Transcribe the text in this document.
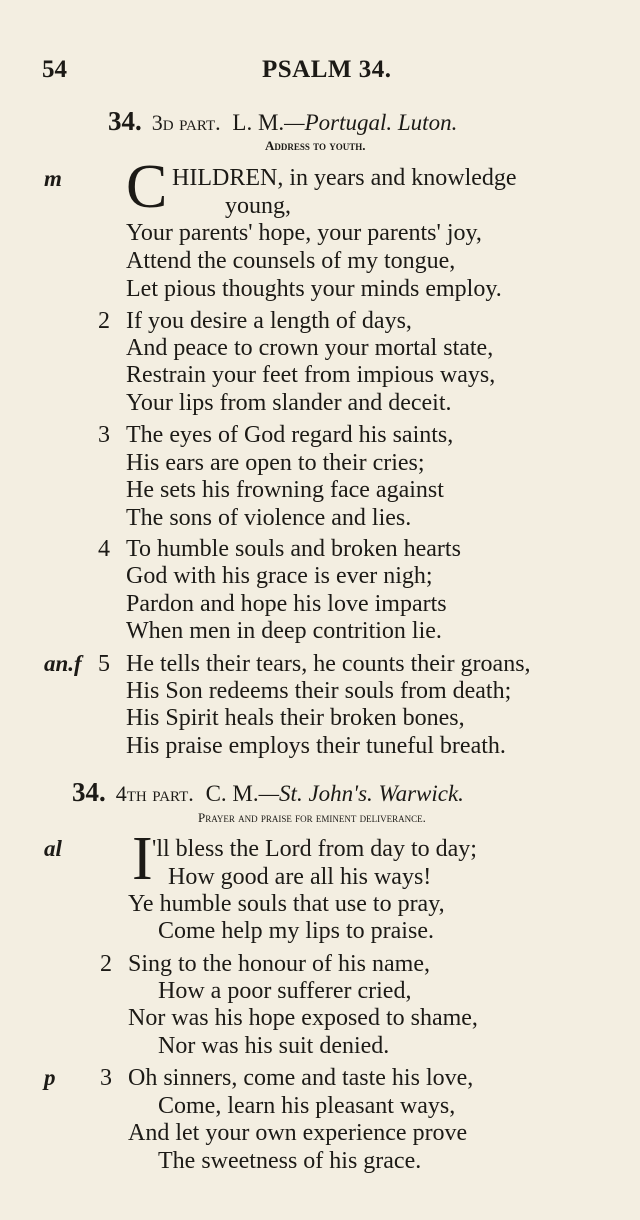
54	PSALM 34.
34. 3d part. L. M.—Portugal. Luton.
Address to youth.
m C HILDREN, in years and knowledge
young,
Your parents' hope, your parents' joy,
Attend the counsels of my tongue,
Let pious thoughts your minds employ.
2 If you desire a length of days,
And peace to crown your mortal state,
Restrain your feet from impious ways,
Your lips from slander and deceit.
3 The eyes of God regard his saints,
His ears are open to their cries;
He sets his frowning face against
The sons of violence and lies.
4 To humble souls and broken hearts
God with his grace is ever nigh;
Pardon and hope his love imparts
When men in deep contrition lie.
an.f 5 He tells their tears, he counts their groans,
His Son redeems their souls from death;
His Spirit heals their broken bones,
His praise employs their tuneful breath.
34. 4th part. C. M.—St. John's. Warwick.
Prayer and praise for eminent deliverance.
al I 'll bless the Lord from day to day;
How good are all his ways!
Ye humble souls that use to pray,
Come help my lips to praise.
2 Sing to the honour of his name,
How a poor sufferer cried,
Nor was his hope exposed to shame,
Nor was his suit denied.
p 3 Oh sinners, come and taste his love,
Come, learn his pleasant ways,
And let your own experience prove
The sweetness of his grace.
